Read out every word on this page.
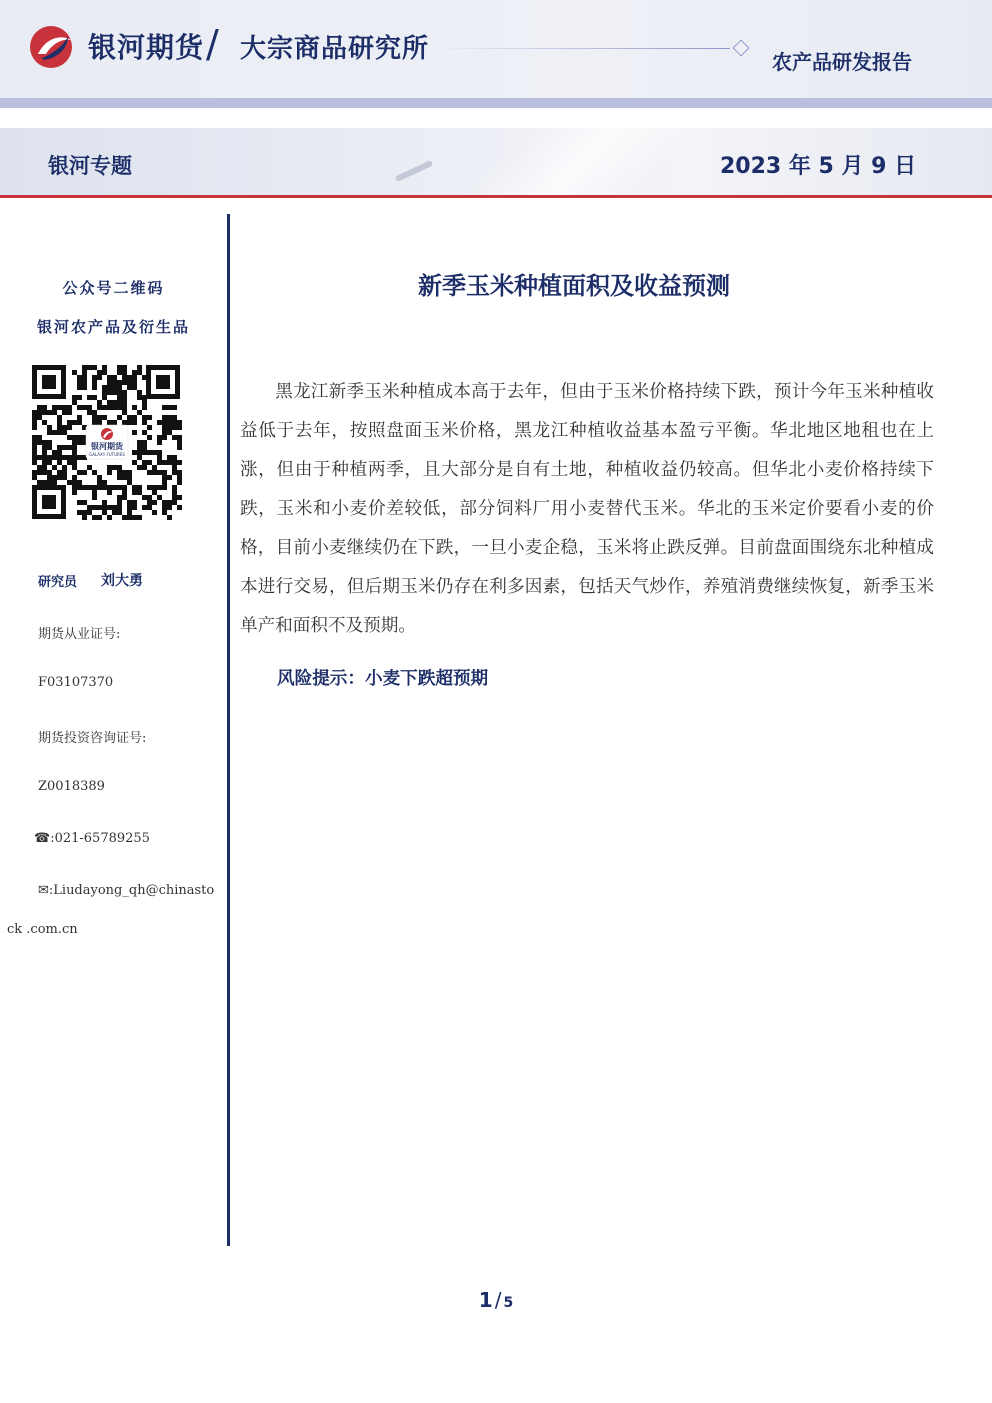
银河期货 / 大宗商品研究所	农产品研发报告
银河专题	2023 年 5 月 9 日
公众号二维码
银河农产品及衍生品
银河期货
GALAXY FUTURES
研究员 刘大勇
期货从业证号:
F03107370
期货投资咨询证号:
Z0018389
☎:021-65789255
✉:Liudayong_qh@chinasto
ck .com.cn
新季玉米种植面积及收益预测

黑龙江新季玉米种植成本高于去年，但由于玉米价格持续下跌，预计今年玉米种植收益低于去年，按照盘面玉米价格，黑龙江种植收益基本盈亏平衡。华北地区地租也在上涨，但由于种植两季，且大部分是自有土地，种植收益仍较高。但华北小麦价格持续下跌，玉米和小麦价差较低，部分饲料厂用小麦替代玉米。华北的玉米定价要看小麦的价格，目前小麦继续仍在下跌，一旦小麦企稳，玉米将止跌反弹。目前盘面围绕东北种植成本进行交易，但后期玉米仍存在利多因素，包括天气炒作，养殖消费继续恢复，新季玉米单产和面积不及预期。

风险提示：小麦下跌超预期
1 / 5
